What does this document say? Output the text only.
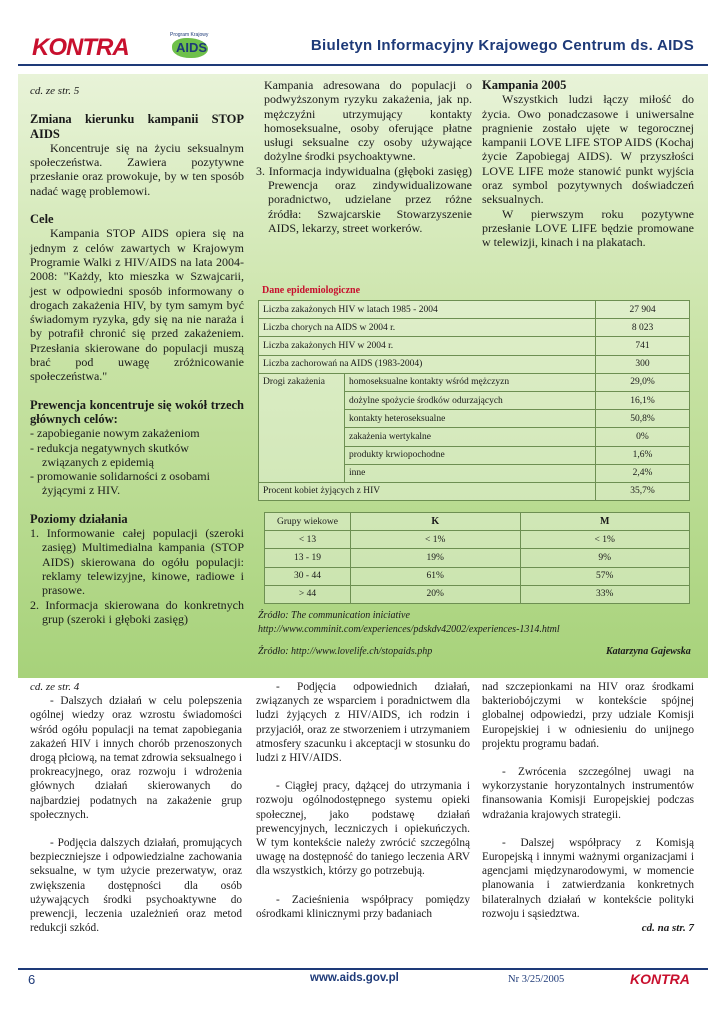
KONTRA	Program Krajowy
AIDS	Biuletyn Informacyjny Krajowego Centrum ds. AIDS

cd. ze str. 5

Zmiana kierunku kampanii STOP AIDS

Koncentruje się na życiu seksualnym społeczeństwa. Zawiera pozytywne przesłanie oraz prowokuje, by w ten sposób nadać wagę problemowi.

Cele

Kampania STOP AIDS opiera się na jednym z celów zawartych w Krajowym Programie Walki z HIV/AIDS na lata 2004-2008: "Każdy, kto mieszka w Szwajcarii, jest w odpowiedni sposób informowany o drogach zakażenia HIV, by tym samym być świadomym ryzyka, gdy się na nie naraża i by potrafił chronić się przed zakażeniem. Przesłania skierowane do populacji muszą brać pod uwagę zróżnicowanie społeczeństwa."

Prewencja koncentruje się wokół trzech głównych celów:

- zapobieganie nowym zakażeniom
- redukcja negatywnych skutków związanych z epidemią
- promowanie solidarności z osobami żyjącymi z HIV.

Poziomy działania

1. Informowanie całej populacji (szeroki zasięg) Multimedialna kampania (STOP AIDS) skierowana do ogółu populacji: reklamy telewizyjne, kinowe, radiowe i prasowe.
2. Informacja skierowana do konkretnych grup (szeroki i głęboki zasięg)

Kampania adresowana do populacji o podwyższonym ryzyku zakażenia, jak np. mężczyźni utrzymujący kontakty homoseksualne, osoby oferujące płatne usługi seksualne czy osoby używające dożylne środki psychoaktywne.

3. Informacja indywidualna (głęboki zasięg) Prewencja oraz zindywidualizowane poradnictwo, udzielane przez różne źródła: Szwajcarskie Stowarzyszenie AIDS, lekarzy, street workerów.

Kampania 2005

Wszystkich ludzi łączy miłość do życia. Owo ponadczasowe i uniwersalne pragnienie zostało ujęte w tegorocznej kampanii LOVE LIFE STOP AIDS (Kochaj życie Zapobiegaj AIDS). W przyszłości LOVE LIFE może stanowić punkt wyjścia oraz symbol pozytywnych doświadczeń seksualnych.

W pierwszym roku pozytywne przesłanie LOVE LIFE będzie promowane w telewizji, kinach i na plakatach.

Dane epidemiologiczne
Liczba zakażonych HIV w latach 1985 - 2004		27 904
Liczba chorych na AIDS w 2004 r.		8 023
Liczba zakażonych HIV w 2004 r.		741
Liczba zachorowań na AIDS (1983-2004)		300
Drogi zakażenia	homoseksualne kontakty wśród mężczyzn	29,0%
	dożylne spożycie środków odurzających	16,1%
	kontakty heteroseksualne	50,8%
	zakażenia wertykalne	0%
	produkty krwiopochodne	1,6%
	inne	2,4%
Procent kobiet żyjących z HIV		35,7%
Grupy wiekowe	K	M
< 13	< 1%	< 1%
13 - 19	19%	9%
30 - 44	61%	57%
> 44	20%	33%
Źródło: The communication iniciative
http://www.comminit.com/experiences/pdskdv42002/experiences-1314.html
Źródło: http://www.lovelife.ch/stopaids.php	Katarzyna Gajewska

cd. ze str. 4

- Dalszych działań w celu polepszenia ogólnej wiedzy oraz wzrostu świadomości wśród ogółu populacji na temat zapobiegania zakażeń HIV i innych chorób przenoszonych drogą płciową, na temat zdrowia seksualnego i prokreacyjnego, oraz rozwoju i wdrożenia głównych działań skierowanych do najbardziej podatnych na zakażenie grup społecznych.

- Podjęcia dalszych działań, promujących bezpieczniejsze i odpowiedzialne zachowania seksualne, w tym użycie prezerwatyw, oraz zwiększenia dostępności dla osób używających środki psychoaktywne do prewencji, leczenia uzależnień oraz metod redukcji szkód.

- Podjęcia odpowiednich działań, związanych ze wsparciem i poradnictwem dla ludzi żyjących z HIV/AIDS, ich rodzin i przyjaciół, oraz ze stworzeniem i utrzymaniem atmosfery szacunku i akceptacji w stosunku do ludzi z HIV/AIDS.

- Ciągłej pracy, dążącej do utrzymania i rozwoju ogólnodostępnego systemu opieki społecznej, jako podstawę działań prewencyjnych, leczniczych i opiekuńczych. W tym kontekście należy zwrócić szczególną uwagę na dostępność do taniego leczenia ARV dla wszystkich, którzy go potrzebują.

- Zacieśnienia współpracy pomiędzy ośrodkami klinicznymi przy badaniach

nad szczepionkami na HIV oraz środkami bakteriobójczymi w kontekście spójnej globalnej odpowiedzi, przy udziale Komisji Europejskiej i w odniesieniu do unijnego projektu programu badań.

- Zwrócenia szczególnej uwagi na wykorzystanie horyzontalnych instrumentów finansowania Komisji Europejskiej podczas wdrażania krajowych strategii.

- Dalszej współpracy z Komisją Europejską i innymi ważnymi organizacjami i agencjami międzynarodowymi, w momencie planowania i zatwierdzania konkretnych bilateralnych działań w kontekście polityki rozwoju i sąsiedztwa.

cd. na str. 7

6	www.aids.gov.pl	Nr 3/25/2005	KONTRA
